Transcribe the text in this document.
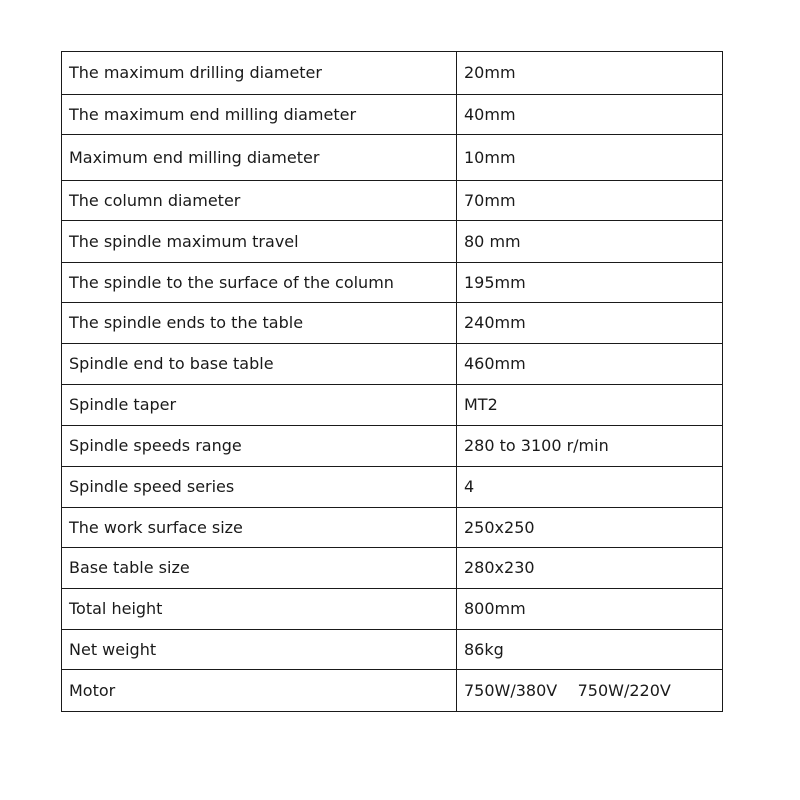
The maximum drilling diameter	20mm
The maximum end milling diameter	40mm
Maximum end milling diameter	10mm
The column diameter	70mm
The spindle maximum travel	80 mm
The spindle to the surface of the column	195mm
The spindle ends to the table	240mm
Spindle end to base table	460mm
Spindle taper	MT2
Spindle speeds range	280 to 3100 r/min
Spindle speed series	4
The work surface size	250x250
Base table size	280x230
Total height	800mm
Net weight	86kg
Motor	750W/380V    750W/220V
